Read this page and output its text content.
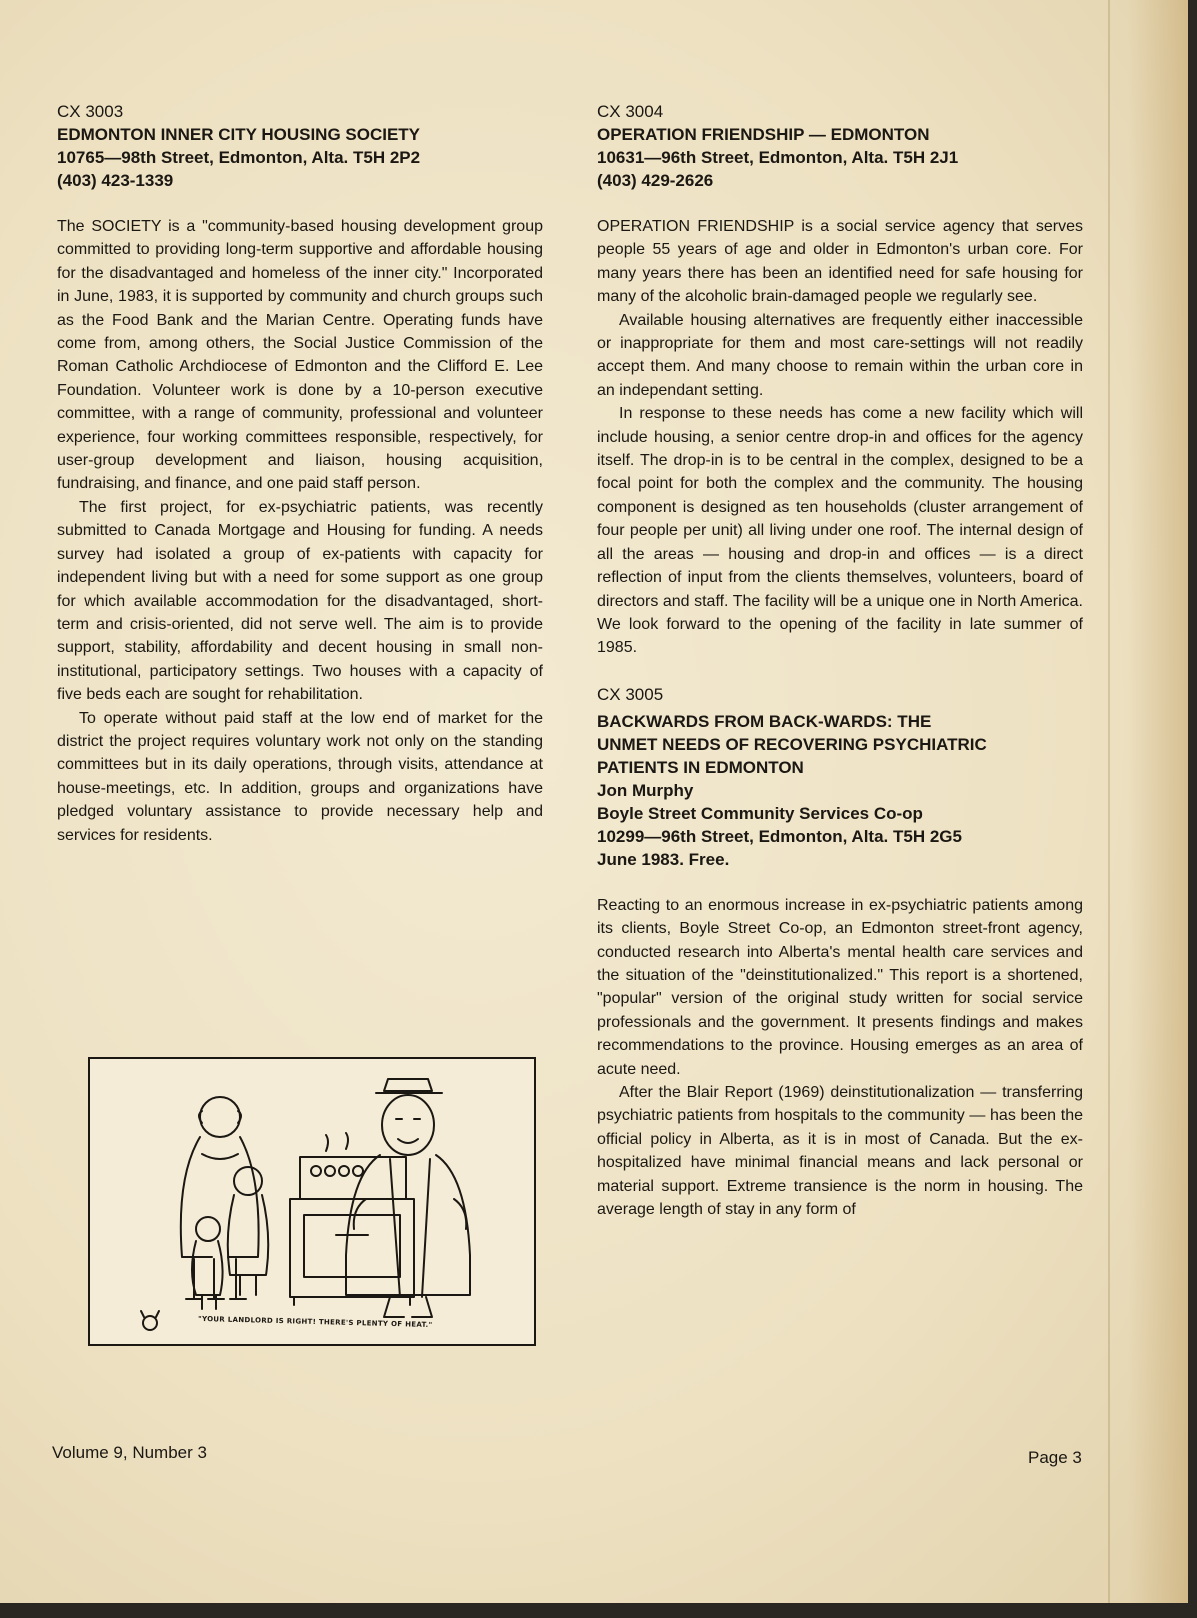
CX 3003
EDMONTON INNER CITY HOUSING SOCIETY
10765—98th Street, Edmonton, Alta. T5H 2P2
(403) 423-1339

The SOCIETY is a "community-based housing development group committed to providing long-term supportive and affordable housing for the disadvantaged and homeless of the inner city." Incorporated in June, 1983, it is supported by community and church groups such as the Food Bank and the Marian Centre. Operating funds have come from, among others, the Social Justice Commission of the Roman Catholic Archdiocese of Edmonton and the Clifford E. Lee Foundation. Volunteer work is done by a 10-person executive committee, with a range of community, professional and volunteer experience, four working committees responsible, respectively, for user-group development and liaison, housing acquisition, fundraising, and finance, and one paid staff person.

The first project, for ex-psychiatric patients, was recently submitted to Canada Mortgage and Housing for funding. A needs survey had isolated a group of ex-patients with capacity for independent living but with a need for some support as one group for which available accommodation for the disadvantaged, short-term and crisis-oriented, did not serve well. The aim is to provide support, stability, affordability and decent housing in small non-institutional, participatory settings. Two houses with a capacity of five beds each are sought for rehabilitation.

To operate without paid staff at the low end of market for the district the project requires voluntary work not only on the standing committees but in its daily operations, through visits, attendance at house-meetings, etc. In addition, groups and organizations have pledged voluntary assistance to provide necessary help and services for residents.

"YOUR LANDLORD IS RIGHT! THERE'S PLENTY OF HEAT."
CX 3004
OPERATION FRIENDSHIP — EDMONTON
10631—96th Street, Edmonton, Alta. T5H 2J1
(403) 429-2626

OPERATION FRIENDSHIP is a social service agency that serves people 55 years of age and older in Edmonton's urban core. For many years there has been an identified need for safe housing for many of the alcoholic brain-damaged people we regularly see.

Available housing alternatives are frequently either inaccessible or inappropriate for them and most care-settings will not readily accept them. And many choose to remain within the urban core in an independant setting.

In response to these needs has come a new facility which will include housing, a senior centre drop-in and offices for the agency itself. The drop-in is to be central in the complex, designed to be a focal point for both the complex and the community. The housing component is designed as ten households (cluster arrangement of four people per unit) all living under one roof. The internal design of all the areas — housing and drop-in and offices — is a direct reflection of input from the clients themselves, volunteers, board of directors and staff. The facility will be a unique one in North America. We look forward to the opening of the facility in late summer of 1985.

CX 3005
BACKWARDS FROM BACK-WARDS: THE
UNMET NEEDS OF RECOVERING PSYCHIATRIC
PATIENTS IN EDMONTON
Jon Murphy
Boyle Street Community Services Co-op
10299—96th Street, Edmonton, Alta. T5H 2G5
June 1983. Free.

Reacting to an enormous increase in ex-psychiatric patients among its clients, Boyle Street Co-op, an Edmonton street-front agency, conducted research into Alberta's mental health care services and the situation of the "deinstitutionalized." This report is a shortened, "popular" version of the original study written for social service professionals and the government. It presents findings and makes recommendations to the province. Housing emerges as an area of acute need.

After the Blair Report (1969) deinstitutionalization — transferring psychiatric patients from hospitals to the community — has been the official policy in Alberta, as it is in most of Canada. But the ex-hospitalized have minimal financial means and lack personal or material support. Extreme transience is the norm in housing. The average length of stay in any form of

Volume 9, Number 3	Page 3
